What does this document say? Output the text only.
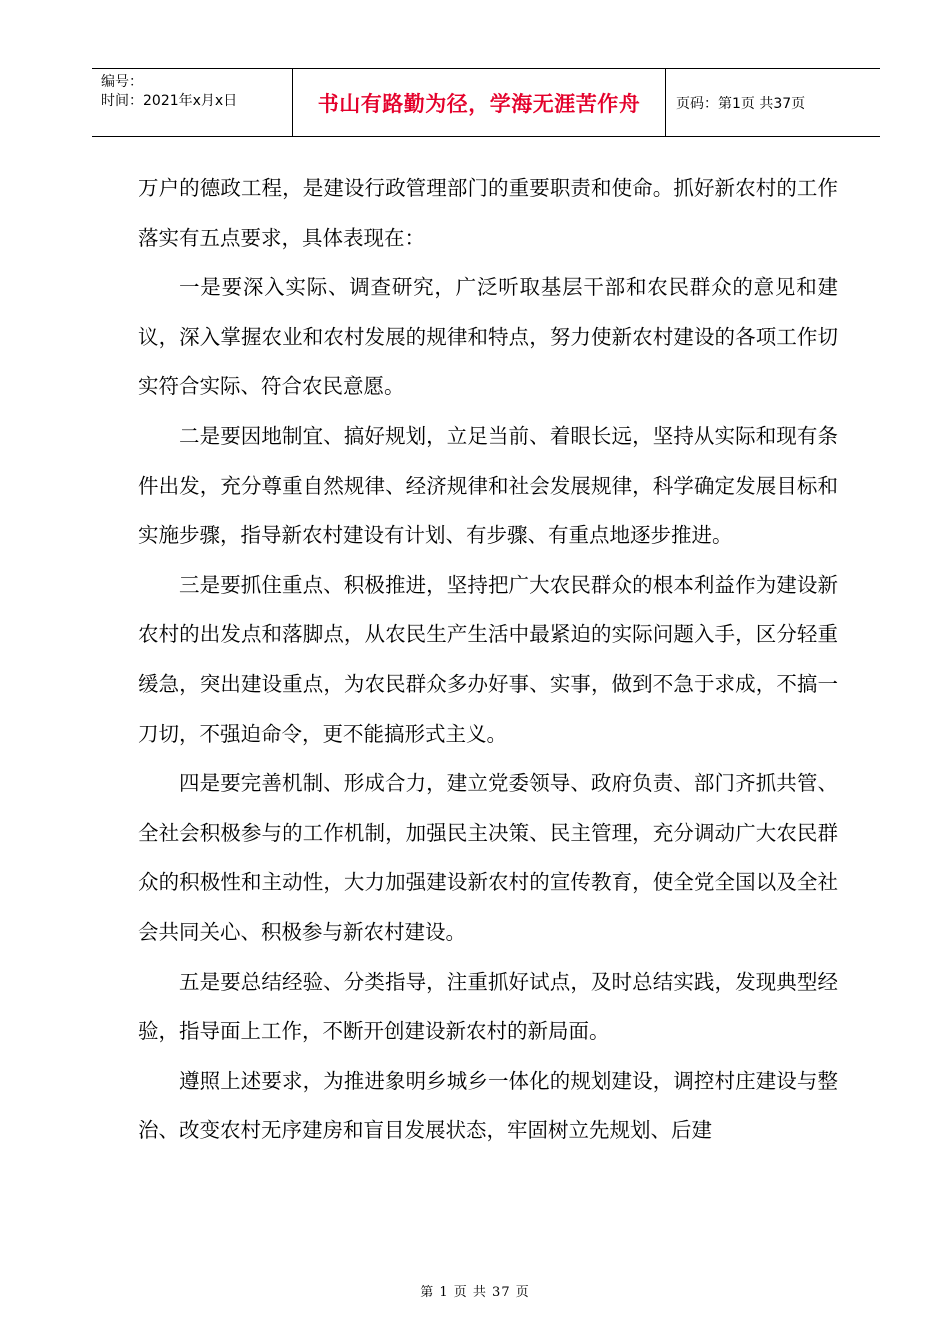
编号：
时间：2021年x月x日	书山有路勤为径，学海无涯苦作舟	页码：第1页 共37页

万户的德政工程，是建设行政管理部门的重要职责和使命。抓好新农村的工作落实有五点要求，具体表现在：

一是要深入实际、调查研究，广泛听取基层干部和农民群众的意见和建议，深入掌握农业和农村发展的规律和特点，努力使新农村建设的各项工作切实符合实际、符合农民意愿。

二是要因地制宜、搞好规划，立足当前、着眼长远，坚持从实际和现有条件出发，充分尊重自然规律、经济规律和社会发展规律，科学确定发展目标和实施步骤，指导新农村建设有计划、有步骤、有重点地逐步推进。

三是要抓住重点、积极推进，坚持把广大农民群众的根本利益作为建设新农村的出发点和落脚点，从农民生产生活中最紧迫的实际问题入手，区分轻重缓急，突出建设重点，为农民群众多办好事、实事，做到不急于求成，不搞一刀切，不强迫命令，更不能搞形式主义。

四是要完善机制、形成合力，建立党委领导、政府负责、部门齐抓共管、全社会积极参与的工作机制，加强民主决策、民主管理，充分调动广大农民群众的积极性和主动性，大力加强建设新农村的宣传教育，使全党全国以及全社会共同关心、积极参与新农村建设。

五是要总结经验、分类指导，注重抓好试点，及时总结实践，发现典型经验，指导面上工作，不断开创建设新农村的新局面。

遵照上述要求，为推进象明乡城乡一体化的规划建设，调控村庄建设与整治、改变农村无序建房和盲目发展状态，牢固树立先规划、后建

第 1 页 共 37 页
